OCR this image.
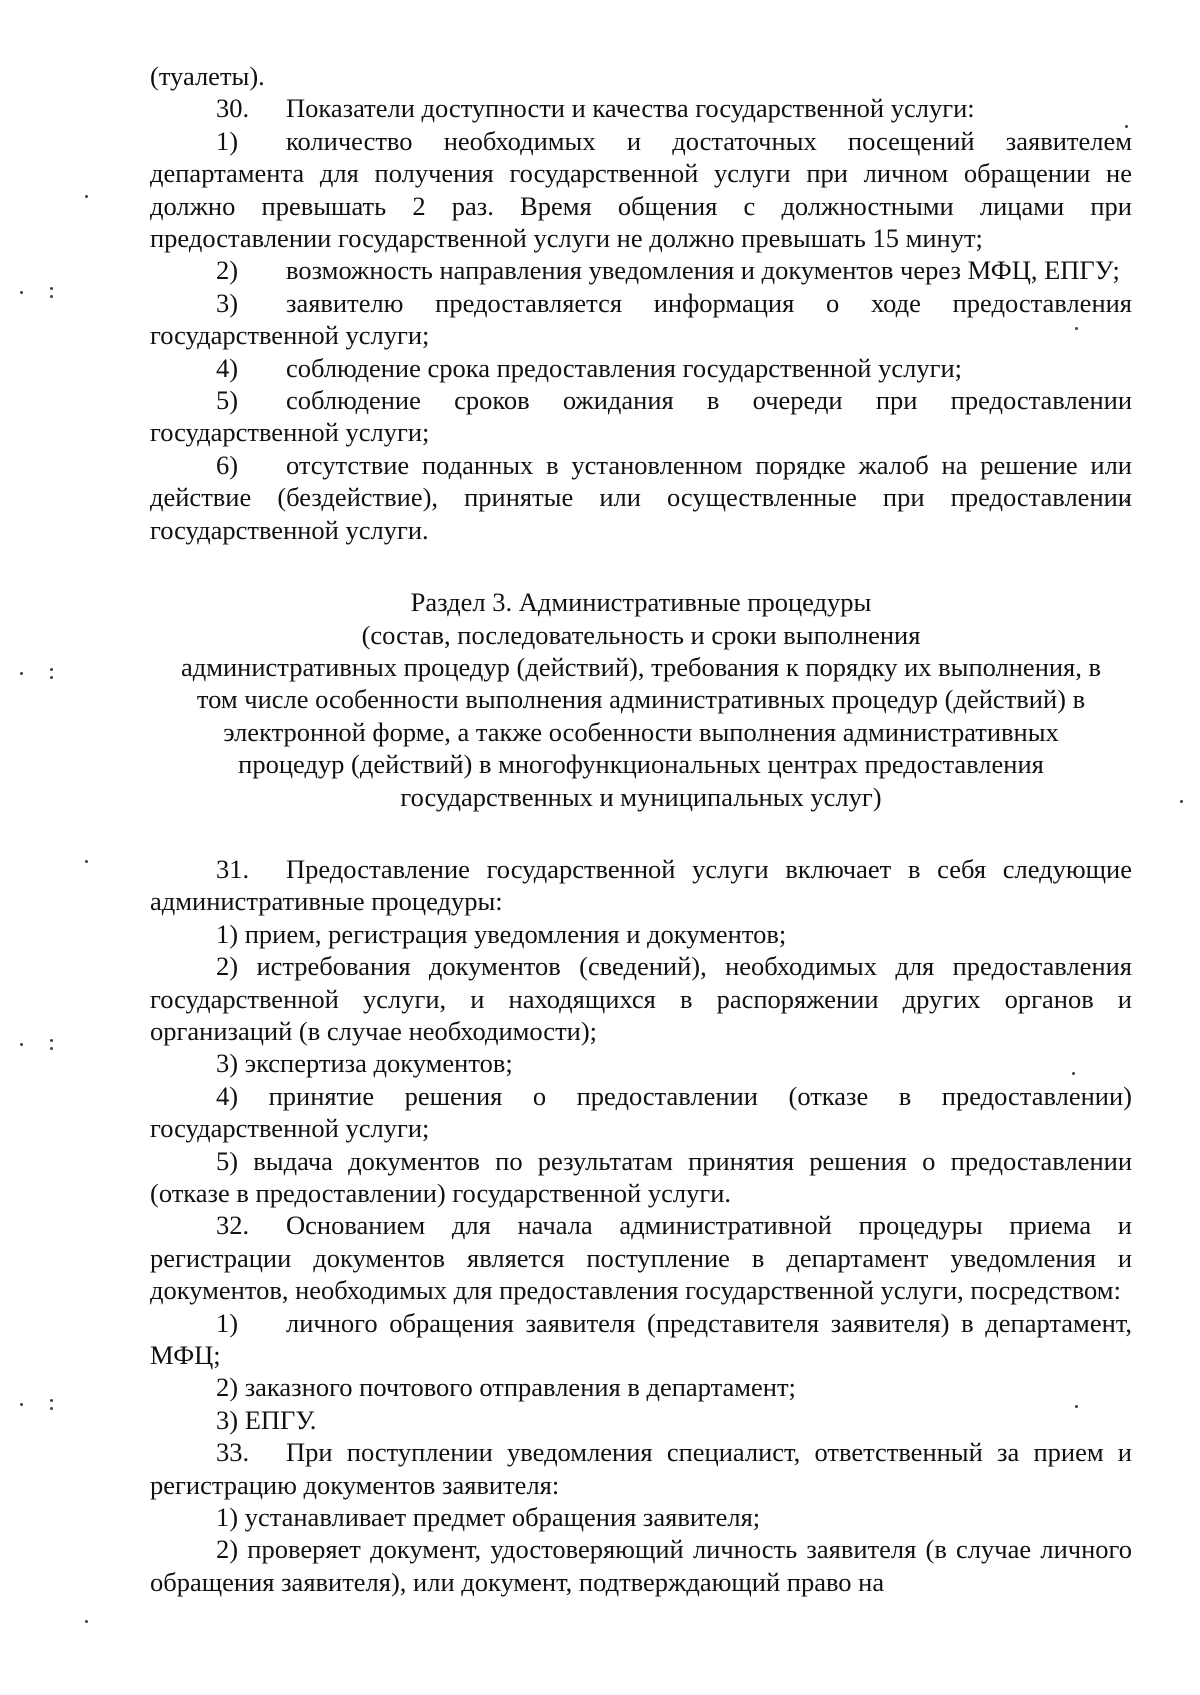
(туалеты).

30. Показатели доступности и качества государственной услуги:

1) количество необходимых и достаточных посещений заявителем департамента для получения государственной услуги при личном обращении не должно превышать 2 раз. Время общения с должностными лицами при предоставлении государственной услуги не должно превышать 15 минут;

2) возможность направления уведомления и документов через МФЦ, ЕПГУ;

3) заявителю предоставляется информация о ходе предоставления государственной услуги;

4) соблюдение срока предоставления государственной услуги;

5) соблюдение сроков ожидания в очереди при предоставлении государственной услуги;

6) отсутствие поданных в установленном порядке жалоб на решение или действие (бездействие), принятые или осуществленные при предоставлении государственной услуги.

Раздел 3. Административные процедуры

(состав, последовательность и сроки выполнения

административных процедур (действий), требования к порядку их выполнения, в

том числе особенности выполнения административных процедур (действий) в

электронной форме, а также особенности выполнения административных

процедур (действий) в многофункциональных центрах предоставления

государственных и муниципальных услуг)

31. Предоставление государственной услуги включает в себя следующие административные процедуры:

1) прием, регистрация уведомления и документов;

2) истребования документов (сведений), необходимых для предоставления государственной услуги, и находящихся в распоряжении других органов и организаций (в случае необходимости);

3) экспертиза документов;

4) принятие решения о предоставлении (отказе в предоставлении) государственной услуги;

5) выдача документов по результатам принятия решения о предоставлении (отказе в предоставлении) государственной услуги.

32. Основанием для начала административной процедуры приема и регистрации документов является поступление в департамент уведомления и документов, необходимых для предоставления государственной услуги, посредством:

1) личного обращения заявителя (представителя заявителя) в департамент, МФЦ;

2) заказного почтового отправления в департамент;

3) ЕПГУ.

33. При поступлении уведомления специалист, ответственный за прием и регистрацию документов заявителя:

1) устанавливает предмет обращения заявителя;

2) проверяет документ, удостоверяющий личность заявителя (в случае личного обращения заявителя), или документ, подтверждающий право на
